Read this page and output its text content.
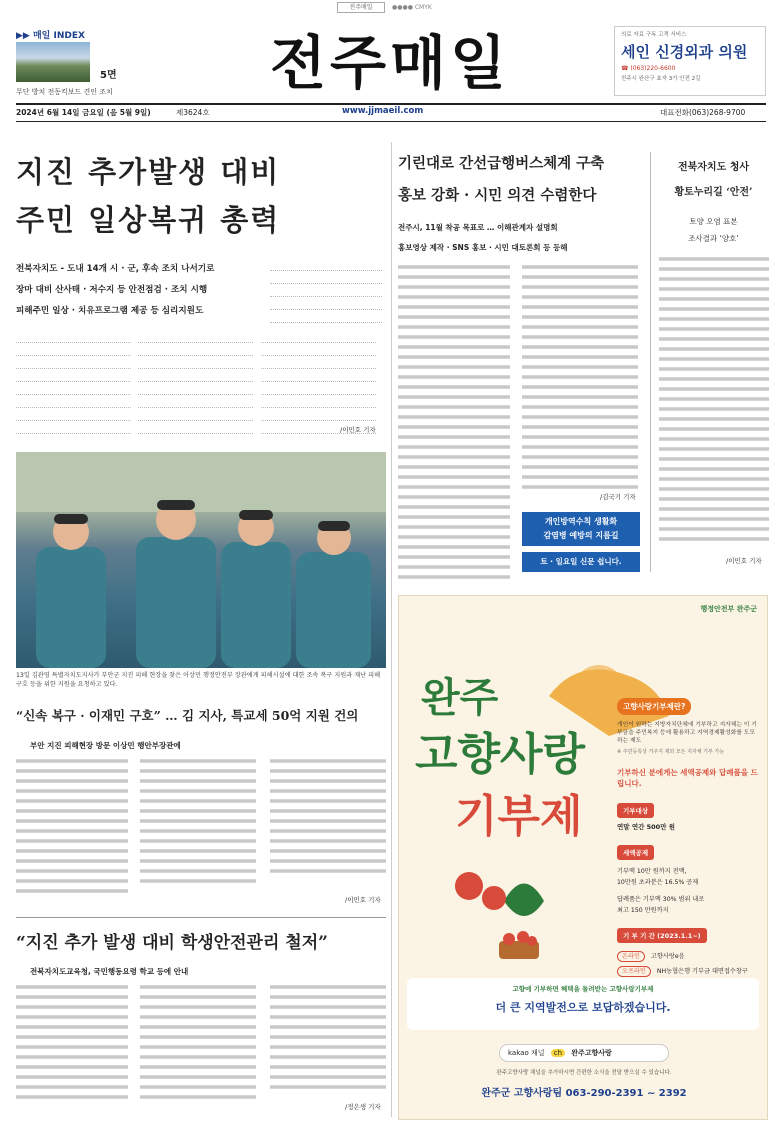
전주매일	●●●● CMYK
▶▶ 매일 INDEX
5면
무단 방치 전동킥보드 견인 조치	전주매일	의료 자료 구독 고객 서비스
세인 신경외과 의원
☎ (063)220-6600
전주시 완산구 효자 3가 안전 2길
2024년 6월 14일 금요일 (음 5월 9일)	제3624호	www.jjmaeil.com	대표전화(063)268-9700
지진 추가발생 대비
주민 일상복귀 총력
전북자치도 - 도내 14개 시 · 군, 후속 조치 나서기로
장마 대비 산사태 · 저수지 등 안전점검 · 조치 시행
피해주민 일상 · 치유프로그램 제공 등 심리지원도
/이민호 기자
13일 김관영 특별자치도지사가 부안군 지진 피해 현장을 찾은 이상민 행정안전부 장관에게 피해시설에 대한 조속 복구 지원과 재난 피해 구호 등을 위한 지원을 요청하고 있다.
“신속 복구 · 이재민 구호” … 김 지사, 특교세 50억 지원 건의
부안 지진 피해현장 방문 이상민 행안부장관에
/이민호 기자
“지진 추가 발생 대비 학생안전관리 철저”
전북자치도교육청, 국민행동요령 학교 등에 안내
/정은생 기자
기린대로 간선급행버스체계 구축
홍보 강화 · 시민 의견 수렴한다
전주시, 11월 착공 목표로 … 이해관계자 설명회
홍보영상 제작 · SNS 홍보 · 시민 대토론회 등 등해
/김국기 기자
개인방역수칙 생활화
감염병 예방의 지름길
토 · 일요일 신문 쉽니다.
전북자치도 청사
황토누리길 ‘안전’
토양 오염 표본
조사결과 ‘양호’
/이민호 기자
행정안전부 완주군
완주
고향사랑
기부제
고향사랑기부제란?
개인이 원하는 지방자치단체에 기부하고 지자체는 이 기부금을 주민복지 등에 활용하고 지역경제활성화를 도모하는 제도
※ 주민등록상 거주지 제외 모든 지자체 기부 가능
기부하신 분에게는 세액공제와 답례품을 드립니다.
기부대상
연말 연간 500만 원
세액공제
기부액 10만 원까지 전액,
10만원 초과분은 16.5% 공제
답례품은 기부액 30% 범위 내로
최고 150 만원까지
기 부 기 간 (2023.1.1~)
온라인 고향사랑e음
오프라인 NH농협은행 기부금 대면접수창구
고향에 기부하면 혜택을 돌려받는 고향사랑기부제
더 큰 지역발전으로 보답하겠습니다.
kakao 채널 ch 완주고향사랑
완주고향사랑 채널을 추가하시면 간편한 소식을 전달 받으실 수 있습니다.
완주군 고향사랑팀 063-290-2391 ~ 2392
